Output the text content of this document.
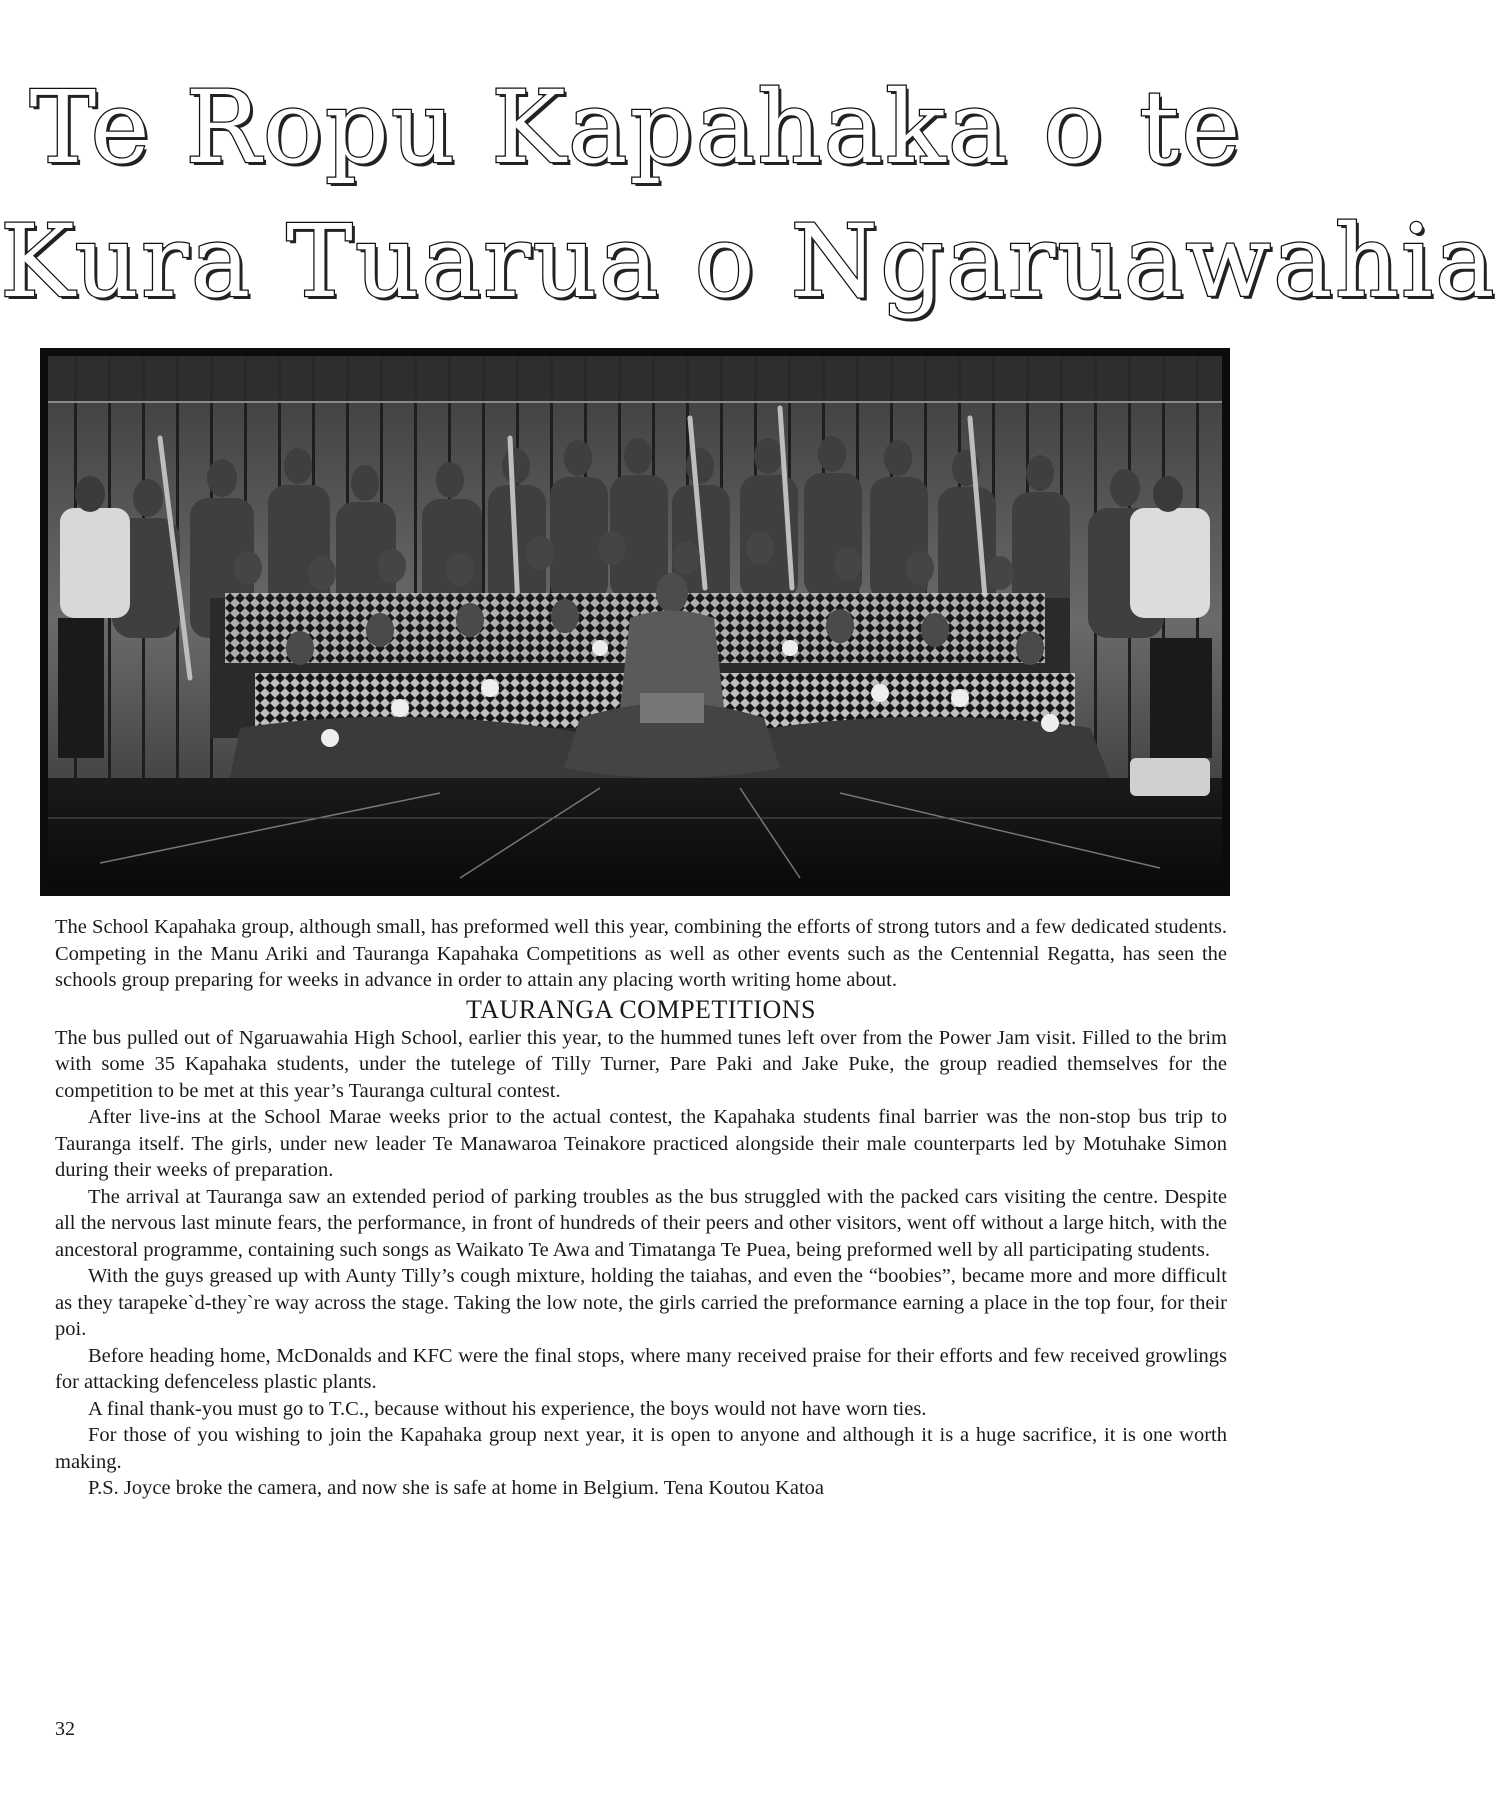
Te Ropu Kapahaka o te
Kura Tuarua o Ngaruawahia

The School Kapahaka group, although small, has preformed well this year, combining the efforts of strong tutors and a few dedicated students. Competing in the Manu Ariki and Tauranga Kapahaka Competitions as well as other events such as the Centennial Regatta, has seen the schools group preparing for weeks in advance in order to attain any placing worth writing home about.

TAURANGA COMPETITIONS

The bus pulled out of Ngaruawahia High School, earlier this year, to the hummed tunes left over from the Power Jam visit. Filled to the brim with some 35 Kapahaka students, under the tutelege of Tilly Turner, Pare Paki and Jake Puke, the group readied themselves for the competition to be met at this year’s Tauranga cultural contest.

After live-ins at the School Marae weeks prior to the actual contest, the Kapahaka students final barrier was the non-stop bus trip to Tauranga itself. The girls, under new leader Te Manawaroa Teinakore practiced alongside their male counterparts led by Motuhake Simon during their weeks of preparation.

The arrival at Tauranga saw an extended period of parking troubles as the bus struggled with the packed cars visiting the centre. Despite all the nervous last minute fears, the performance, in front of hundreds of their peers and other visitors, went off without a large hitch, with the ancestoral programme, containing such songs as Waikato Te Awa and Timatanga Te Puea, being preformed well by all participating students.

With the guys greased up with Aunty Tilly’s cough mixture, holding the taiahas, and even the “boobies”, became more and more difficult as they tarapeke`d-they`re way across the stage. Taking the low note, the girls carried the preformance earning a place in the top four, for their poi.

Before heading home, McDonalds and KFC were the final stops, where many received praise for their efforts and few received growlings for attacking defenceless plastic plants.

A final thank-you must go to T.C., because without his experience, the boys would not have worn ties.

For those of you wishing to join the Kapahaka group next year, it is open to anyone and although it is a huge sacrifice, it is one worth making.

P.S. Joyce broke the camera, and now she is safe at home in Belgium. Tena Koutou Katoa

32
